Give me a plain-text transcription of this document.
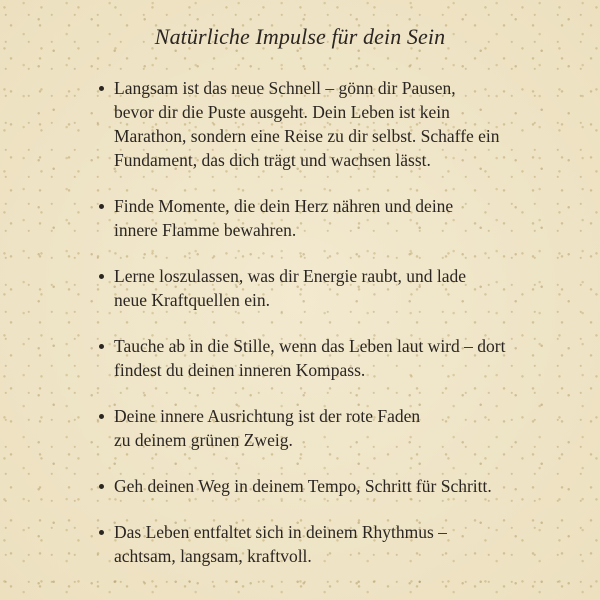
Natürliche Impulse für dein Sein
Langsam ist das neue Schnell – gönn dir Pausen,
bevor dir die Puste ausgeht. Dein Leben ist kein
Marathon, sondern eine Reise zu dir selbst. Schaffe ein
Fundament, das dich trägt und wachsen lässt.
Finde Momente, die dein Herz nähren und deine
innere Flamme bewahren.
Lerne loszulassen, was dir Energie raubt, und lade
neue Kraftquellen ein.
Tauche ab in die Stille, wenn das Leben laut wird – dort
findest du deinen inneren Kompass.
Deine innere Ausrichtung ist der rote Faden
zu deinem grünen Zweig.
Geh deinen Weg in deinem Tempo, Schritt für Schritt.
Das Leben entfaltet sich in deinem Rhythmus –
achtsam, langsam, kraftvoll.
